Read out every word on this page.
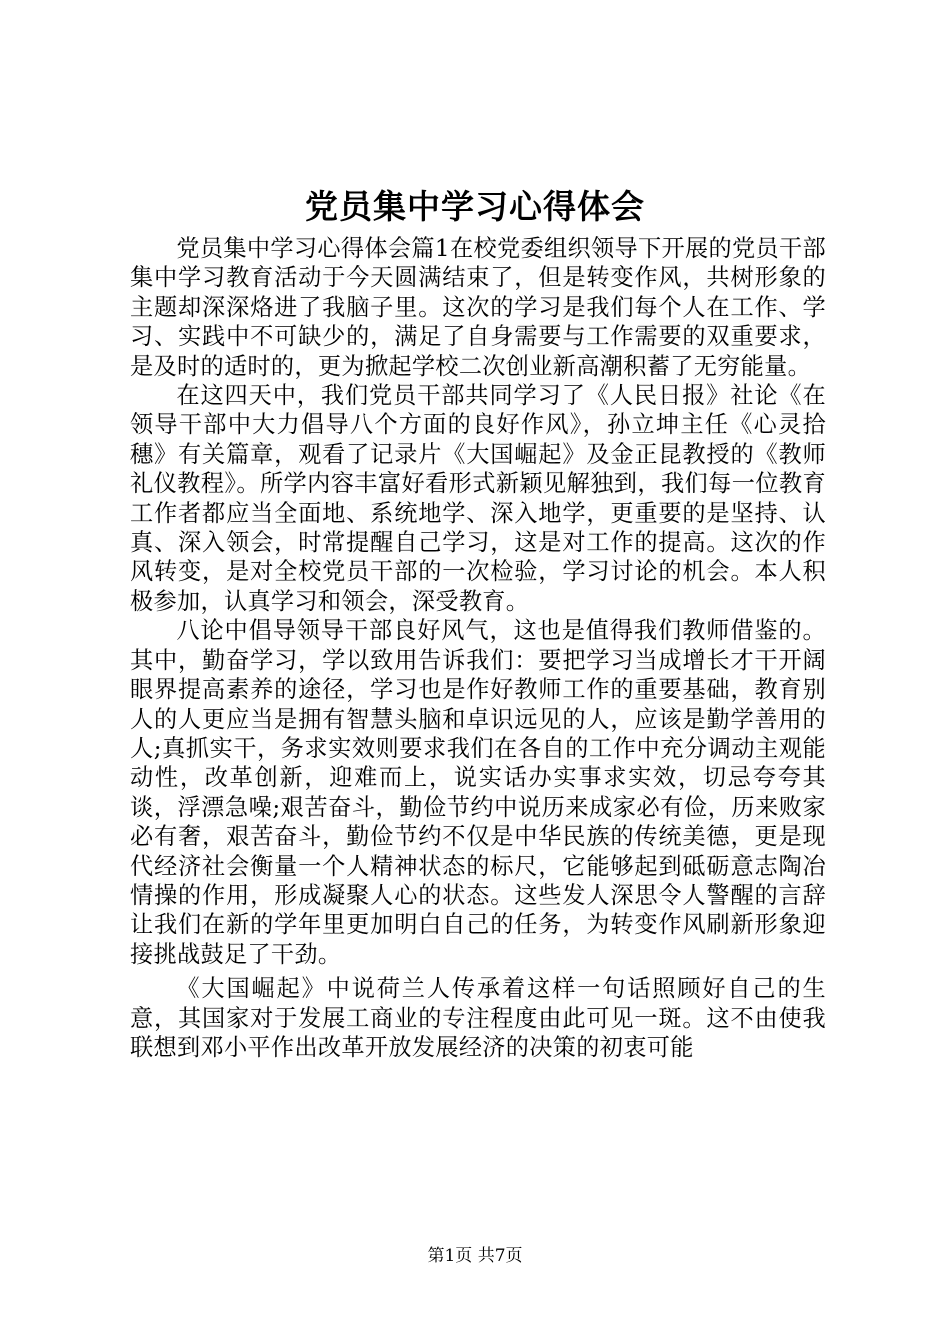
党员集中学习心得体会

党员集中学习心得体会篇1在校党委组织领导下开展的党员干部集中学习教育活动于今天圆满结束了，但是转变作风，共树形象的主题却深深烙进了我脑子里。这次的学习是我们每个人在工作、学习、实践中不可缺少的，满足了自身需要与工作需要的双重要求，是及时的适时的，更为掀起学校二次创业新高潮积蓄了无穷能量。

在这四天中，我们党员干部共同学习了《人民日报》社论《在领导干部中大力倡导八个方面的良好作风》，孙立坤主任《心灵拾穗》有关篇章，观看了记录片《大国崛起》及金正昆教授的《教师礼仪教程》。所学内容丰富好看形式新颖见解独到，我们每一位教育工作者都应当全面地、系统地学、深入地学，更重要的是坚持、认真、深入领会，时常提醒自己学习，这是对工作的提高。这次的作风转变，是对全校党员干部的一次检验，学习讨论的机会。本人积极参加，认真学习和领会，深受教育。

八论中倡导领导干部良好风气，这也是值得我们教师借鉴的。其中，勤奋学习，学以致用告诉我们：要把学习当成增长才干开阔眼界提高素养的途径，学习也是作好教师工作的重要基础，教育别人的人更应当是拥有智慧头脑和卓识远见的人，应该是勤学善用的人;真抓实干，务求实效则要求我们在各自的工作中充分调动主观能动性，改革创新，迎难而上，说实话办实事求实效，切忌夸夸其谈，浮漂急噪;艰苦奋斗，勤俭节约中说历来成家必有俭，历来败家必有奢，艰苦奋斗，勤俭节约不仅是中华民族的传统美德，更是现代经济社会衡量一个人精神状态的标尺，它能够起到砥砺意志陶冶情操的作用，形成凝聚人心的状态。这些发人深思令人警醒的言辞让我们在新的学年里更加明白自己的任务，为转变作风刷新形象迎接挑战鼓足了干劲。

《大国崛起》中说荷兰人传承着这样一句话照顾好自己的生意，其国家对于发展工商业的专注程度由此可见一斑。这不由使我联想到邓小平作出改革开放发展经济的决策的初衷可能

第1页 共7页
